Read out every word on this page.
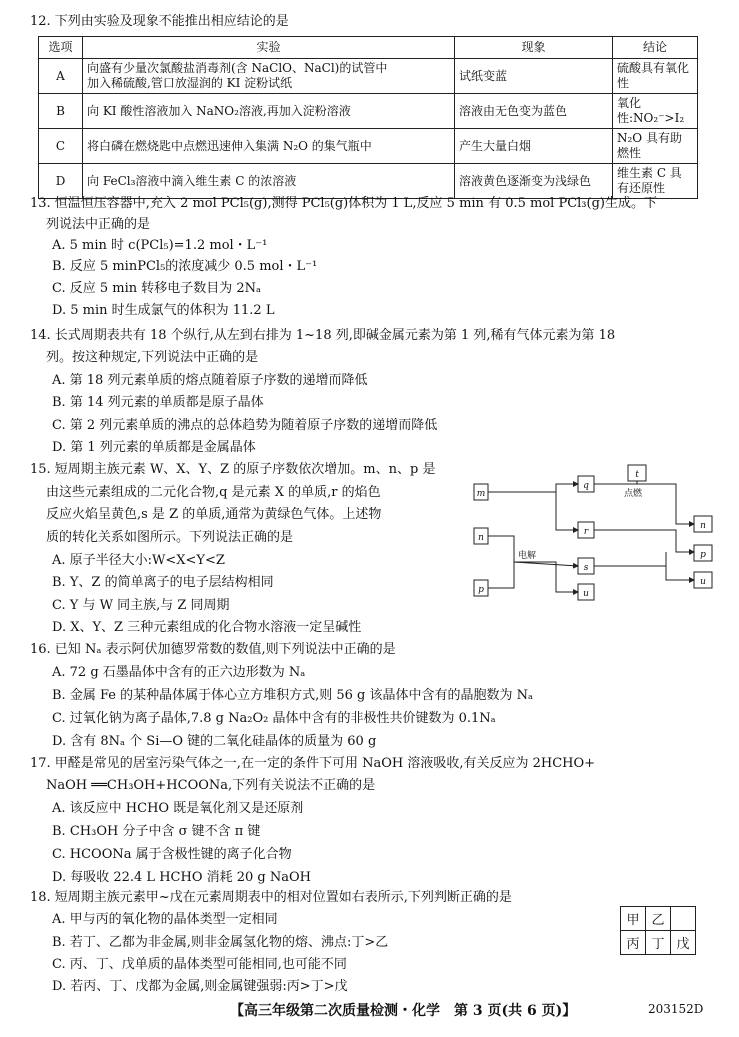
12. 下列由实验及现象不能推出相应结论的是
选项	实验	现象	结论
A	向盛有少量次氯酸盐消毒剂(含 NaClO、NaCl)的试管中
加入稀硫酸,管口放湿润的 KI 淀粉试纸	试纸变蓝	硫酸具有氧化性
B	向 KI 酸性溶液加入 NaNO₂溶液,再加入淀粉溶液	溶液由无色变为蓝色	氧化性:NO₂⁻>I₂
C	将白磷在燃烧匙中点燃迅速伸入集满 N₂O 的集气瓶中	产生大量白烟	N₂O 具有助燃性
D	向 FeCl₃溶液中滴入维生素 C 的浓溶液	溶液黄色逐渐变为浅绿色	维生素 C 具有还原性
13. 恒温恒压容器中,充入 2 mol PCl₅(g),测得 PCl₅(g)体积为 1 L,反应 5 min 有 0.5 mol PCl₃(g)生成。下
列说法中正确的是
A. 5 min 时 c(PCl₅)=1.2 mol・L⁻¹
B. 反应 5 minPCl₅的浓度减少 0.5 mol・L⁻¹
C. 反应 5 min 转移电子数目为 2Nₐ
D. 5 min 时生成氯气的体积为 11.2 L
14. 长式周期表共有 18 个纵行,从左到右排为 1~18 列,即碱金属元素为第 1 列,稀有气体元素为第 18
列。按这种规定,下列说法中正确的是
A. 第 18 列元素单质的熔点随着原子序数的递增而降低
B. 第 14 列元素的单质都是原子晶体
C. 第 2 列元素单质的沸点的总体趋势为随着原子序数的递增而降低
D. 第 1 列元素的单质都是金属晶体
15. 短周期主族元素 W、X、Y、Z 的原子序数依次增加。m、n、p 是
由这些元素组成的二元化合物,q 是元素 X 的单质,r 的焰色
反应火焰呈黄色,s 是 Z 的单质,通常为黄绿色气体。上述物
质的转化关系如图所示。下列说法正确的是
A. 原子半径大小:W<X<Y<Z
B. Y、Z 的简单离子的电子层结构相同
C. Y 与 W 同主族,与 Z 同周期
D. X、Y、Z 三种元素组成的化合物水溶液一定呈碱性
m
n
p
q
t
r
s
u
n
p
u
电解
点燃
16. 已知 Nₐ 表示阿伏加德罗常数的数值,则下列说法中正确的是
A. 72 g 石墨晶体中含有的正六边形数为 Nₐ
B. 金属 Fe 的某种晶体属于体心立方堆积方式,则 56 g 该晶体中含有的晶胞数为 Nₐ
C. 过氧化钠为离子晶体,7.8 g Na₂O₂ 晶体中含有的非极性共价键数为 0.1Nₐ
D. 含有 8Nₐ 个 Si—O 键的二氧化硅晶体的质量为 60 g
17. 甲醛是常见的居室污染气体之一,在一定的条件下可用 NaOH 溶液吸收,有关反应为 2HCHO+
NaOH ══CH₃OH+HCOONa,下列有关说法不正确的是
A. 该反应中 HCHO 既是氧化剂又是还原剂
B. CH₃OH 分子中含 σ 键不含 π 键
C. HCOONa 属于含极性键的离子化合物
D. 每吸收 22.4 L HCHO 消耗 20 g NaOH
18. 短周期主族元素甲~戊在元素周期表中的相对位置如右表所示,下列判断正确的是
A. 甲与丙的氧化物的晶体类型一定相同
B. 若丁、乙都为非金属,则非金属氢化物的熔、沸点:丁>乙
C. 丙、丁、戊单质的晶体类型可能相同,也可能不同
D. 若丙、丁、戊都为金属,则金属键强弱:丙>丁>戊
甲	乙	
丙	丁	戊
【高三年级第二次质量检测・化学　第 3 页(共 6 页)】	203152D
